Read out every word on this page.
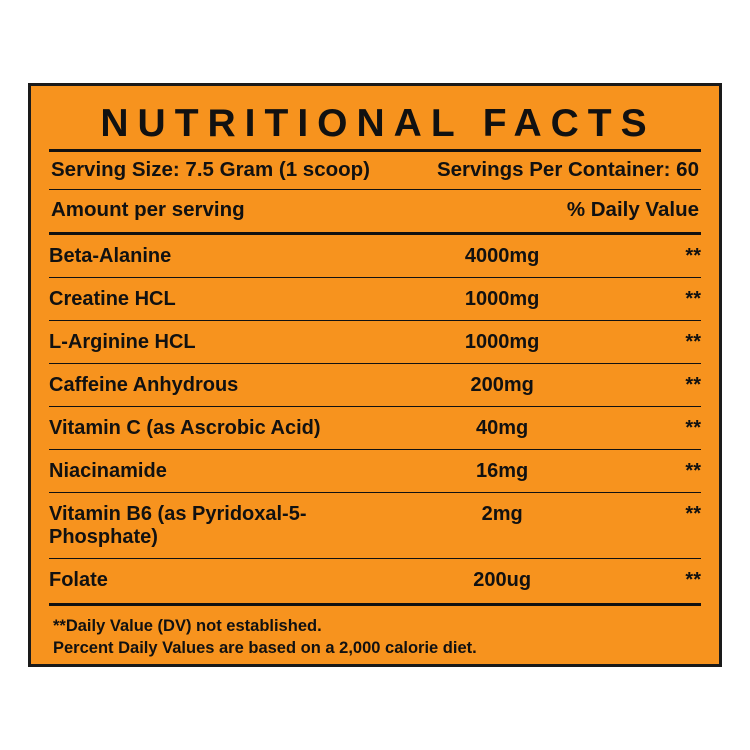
NUTRITIONAL FACTS
Serving Size: 7.5 Gram (1 scoop)	Servings Per Container: 60
Amount per serving	% Daily Value
Beta-Alanine	4000mg	**
Creatine HCL	1000mg	**
L-Arginine HCL	1000mg	**
Caffeine Anhydrous	200mg	**
Vitamin C (as Ascrobic Acid)	40mg	**
Niacinamide	16mg	**
Vitamin B6 (as Pyridoxal-5-Phosphate)	2mg	**
Folate	200ug	**
**Daily Value (DV) not established.
Percent Daily Values are based on a 2,000 calorie diet.
